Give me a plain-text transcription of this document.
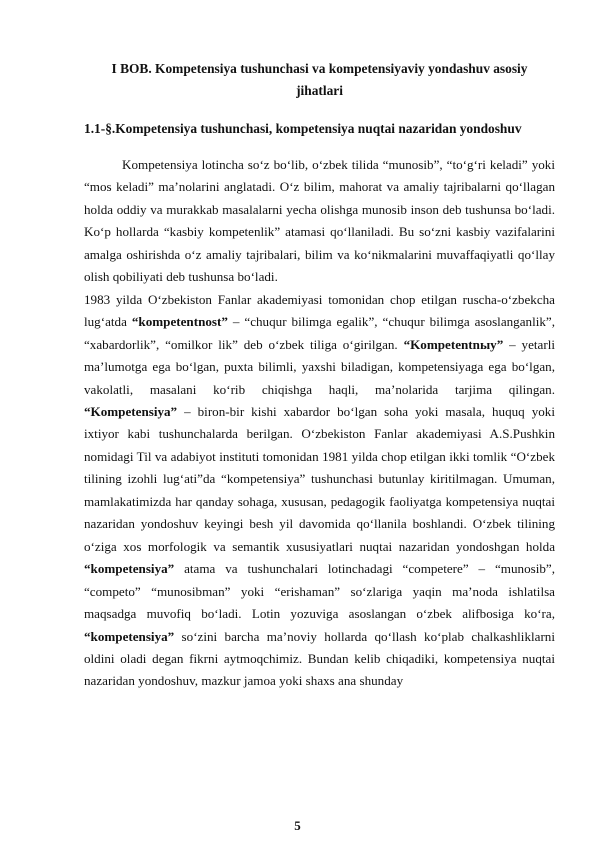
I BOB. Kompetensiya tushunchasi va kompetensiyaviy yondashuv asosiy jihatlari
1.1-§.Kompetensiya tushunchasi, kompetensiya nuqtai nazaridan yondoshuv

Kompetensiya lotincha so‘z bo‘lib, o‘zbek tilida “munosib”, “to‘g‘ri keladi” yoki “mos keladi” ma’nolarini anglatadi. O‘z bilim, mahorat va amaliy tajribalarni qo‘llagan holda oddiy va murakkab masalalarni yecha olishga munosib inson deb tushunsa bo‘ladi. Ko‘p hollarda “kasbiy kompetenlik” atamasi qo‘llaniladi. Bu so‘zni kasbiy vazifalarini amalga oshirishda o‘z amaliy tajribalari, bilim va ko‘nikmalarini muvaffaqiyatli qo‘llay olish qobiliyati deb tushunsa bo‘ladi.

1983 yilda O‘zbekiston Fanlar akademiyasi tomonidan chop etilgan ruscha-o‘zbekcha lug‘atda “kompetentnost” – “chuqur bilimga egalik”, “chuqur bilimga asoslanganlik”, “xabardorlik”, “omilkor lik” deb o‘zbek tiliga o‘girilgan. “Kompetentnыy” – yetarli ma’lumotga ega bo‘lgan, puxta bilimli, yaxshi biladigan, kompetensiyaga ega bo‘lgan, vakolatli, masalani ko‘rib chiqishga haqli, ma’nolarida tarjima qilingan. “Kompetensiya” – biron-bir kishi xabardor bo‘lgan soha yoki masala, huquq yoki ixtiyor kabi tushunchalarda berilgan. O‘zbekiston Fanlar akademiyasi A.S.Pushkin nomidagi Til va adabiyot instituti tomonidan 1981 yilda chop etilgan ikki tomlik “O‘zbek tilining izohli lug‘ati”da “kompetensiya” tushunchasi butunlay kiritilmagan. Umuman, mamlakatimizda har qanday sohaga, xususan, pedagogik faoliyatga kompetensiya nuqtai nazaridan yondoshuv keyingi besh yil davomida qo‘llanila boshlandi. O‘zbek tilining o‘ziga xos morfologik va semantik xususiyatlari nuqtai nazaridan yondoshgan holda “kompetensiya” atama va tushunchalari lotinchadagi “competere” – “munosib”, “competo” “munosibman” yoki “erishaman” so‘zlariga yaqin ma’noda ishlatilsa maqsadga muvofiq bo‘ladi. Lotin yozuviga asoslangan o‘zbek alifbosiga ko‘ra, “kompetensiya” so‘zini barcha ma’noviy hollarda qo‘llash ko‘plab chalkashliklarni oldini oladi degan fikrni aytmoqchimiz. Bundan kelib chiqadiki, kompetensiya nuqtai nazaridan yondoshuv, mazkur jamoa yoki shaxs ana shunday

5
